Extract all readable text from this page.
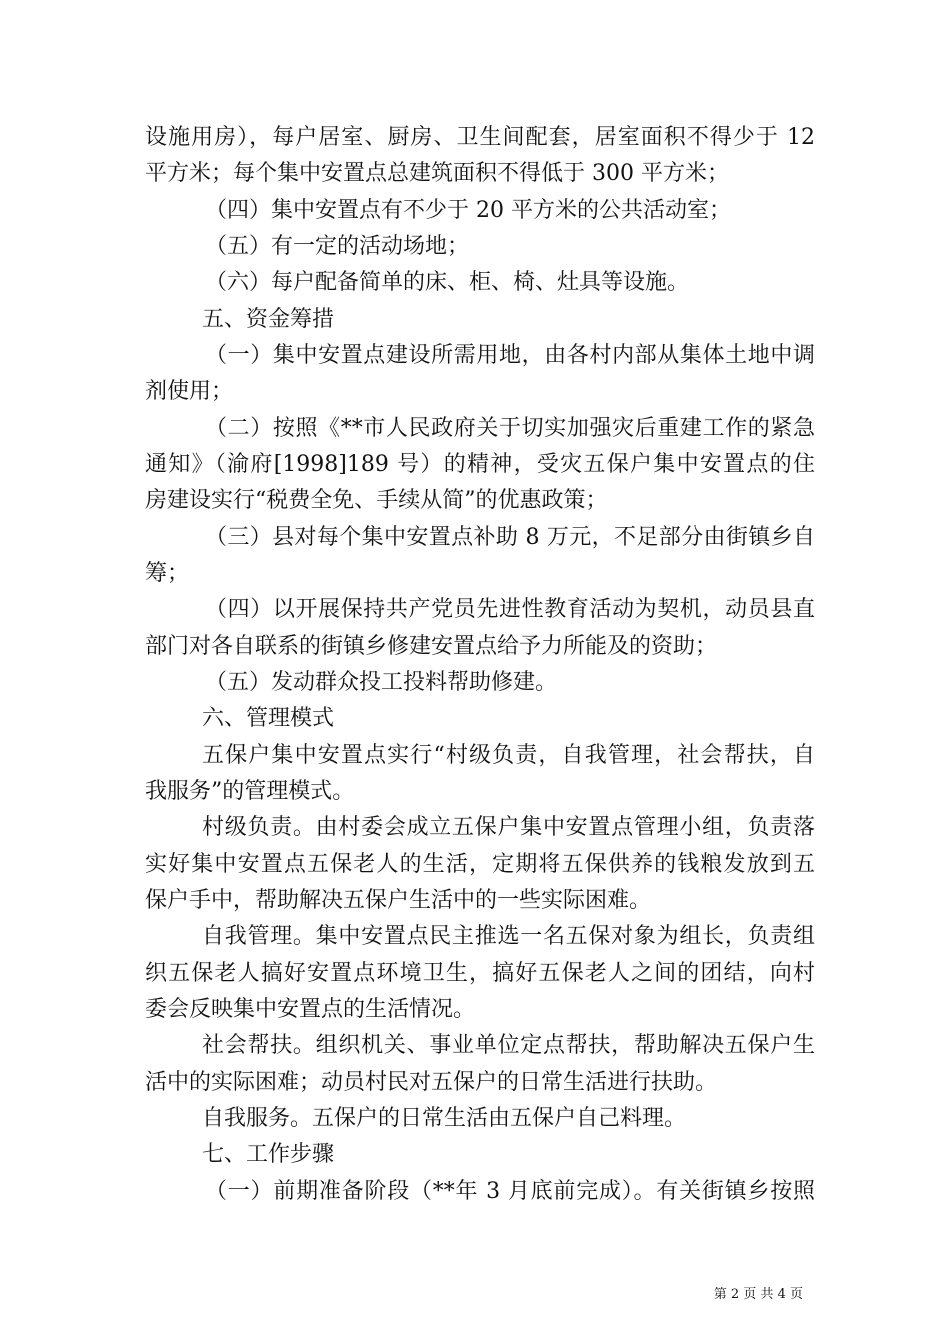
设施用房），每户居室、厨房、卫生间配套，居室面积不得少于 12
平方米；每个集中安置点总建筑面积不得低于 300 平方米；
（四）集中安置点有不少于 20 平方米的公共活动室；
（五）有一定的活动场地；
（六）每户配备简单的床、柜、椅、灶具等设施。
五、资金筹措
（一）集中安置点建设所需用地，由各村内部从集体土地中调
剂使用；
（二）按照《**市人民政府关于切实加强灾后重建工作的紧急
通知》（渝府[1998]189 号）的精神，受灾五保户集中安置点的住
房建设实行“税费全免、手续从简”的优惠政策；
（三）县对每个集中安置点补助 8 万元，不足部分由街镇乡自
筹；
（四）以开展保持共产党员先进性教育活动为契机，动员县直
部门对各自联系的街镇乡修建安置点给予力所能及的资助；
（五）发动群众投工投料帮助修建。
六、管理模式
五保户集中安置点实行“村级负责，自我管理，社会帮扶，自
我服务”的管理模式。
村级负责。由村委会成立五保户集中安置点管理小组，负责落
实好集中安置点五保老人的生活，定期将五保供养的钱粮发放到五
保户手中，帮助解决五保户生活中的一些实际困难。
自我管理。集中安置点民主推选一名五保对象为组长，负责组
织五保老人搞好安置点环境卫生，搞好五保老人之间的团结，向村
委会反映集中安置点的生活情况。
社会帮扶。组织机关、事业单位定点帮扶，帮助解决五保户生
活中的实际困难；动员村民对五保户的日常生活进行扶助。
自我服务。五保户的日常生活由五保户自己料理。
七、工作步骤
（一）前期准备阶段（**年 3 月底前完成）。有关街镇乡按照
第 2 页 共 4 页
